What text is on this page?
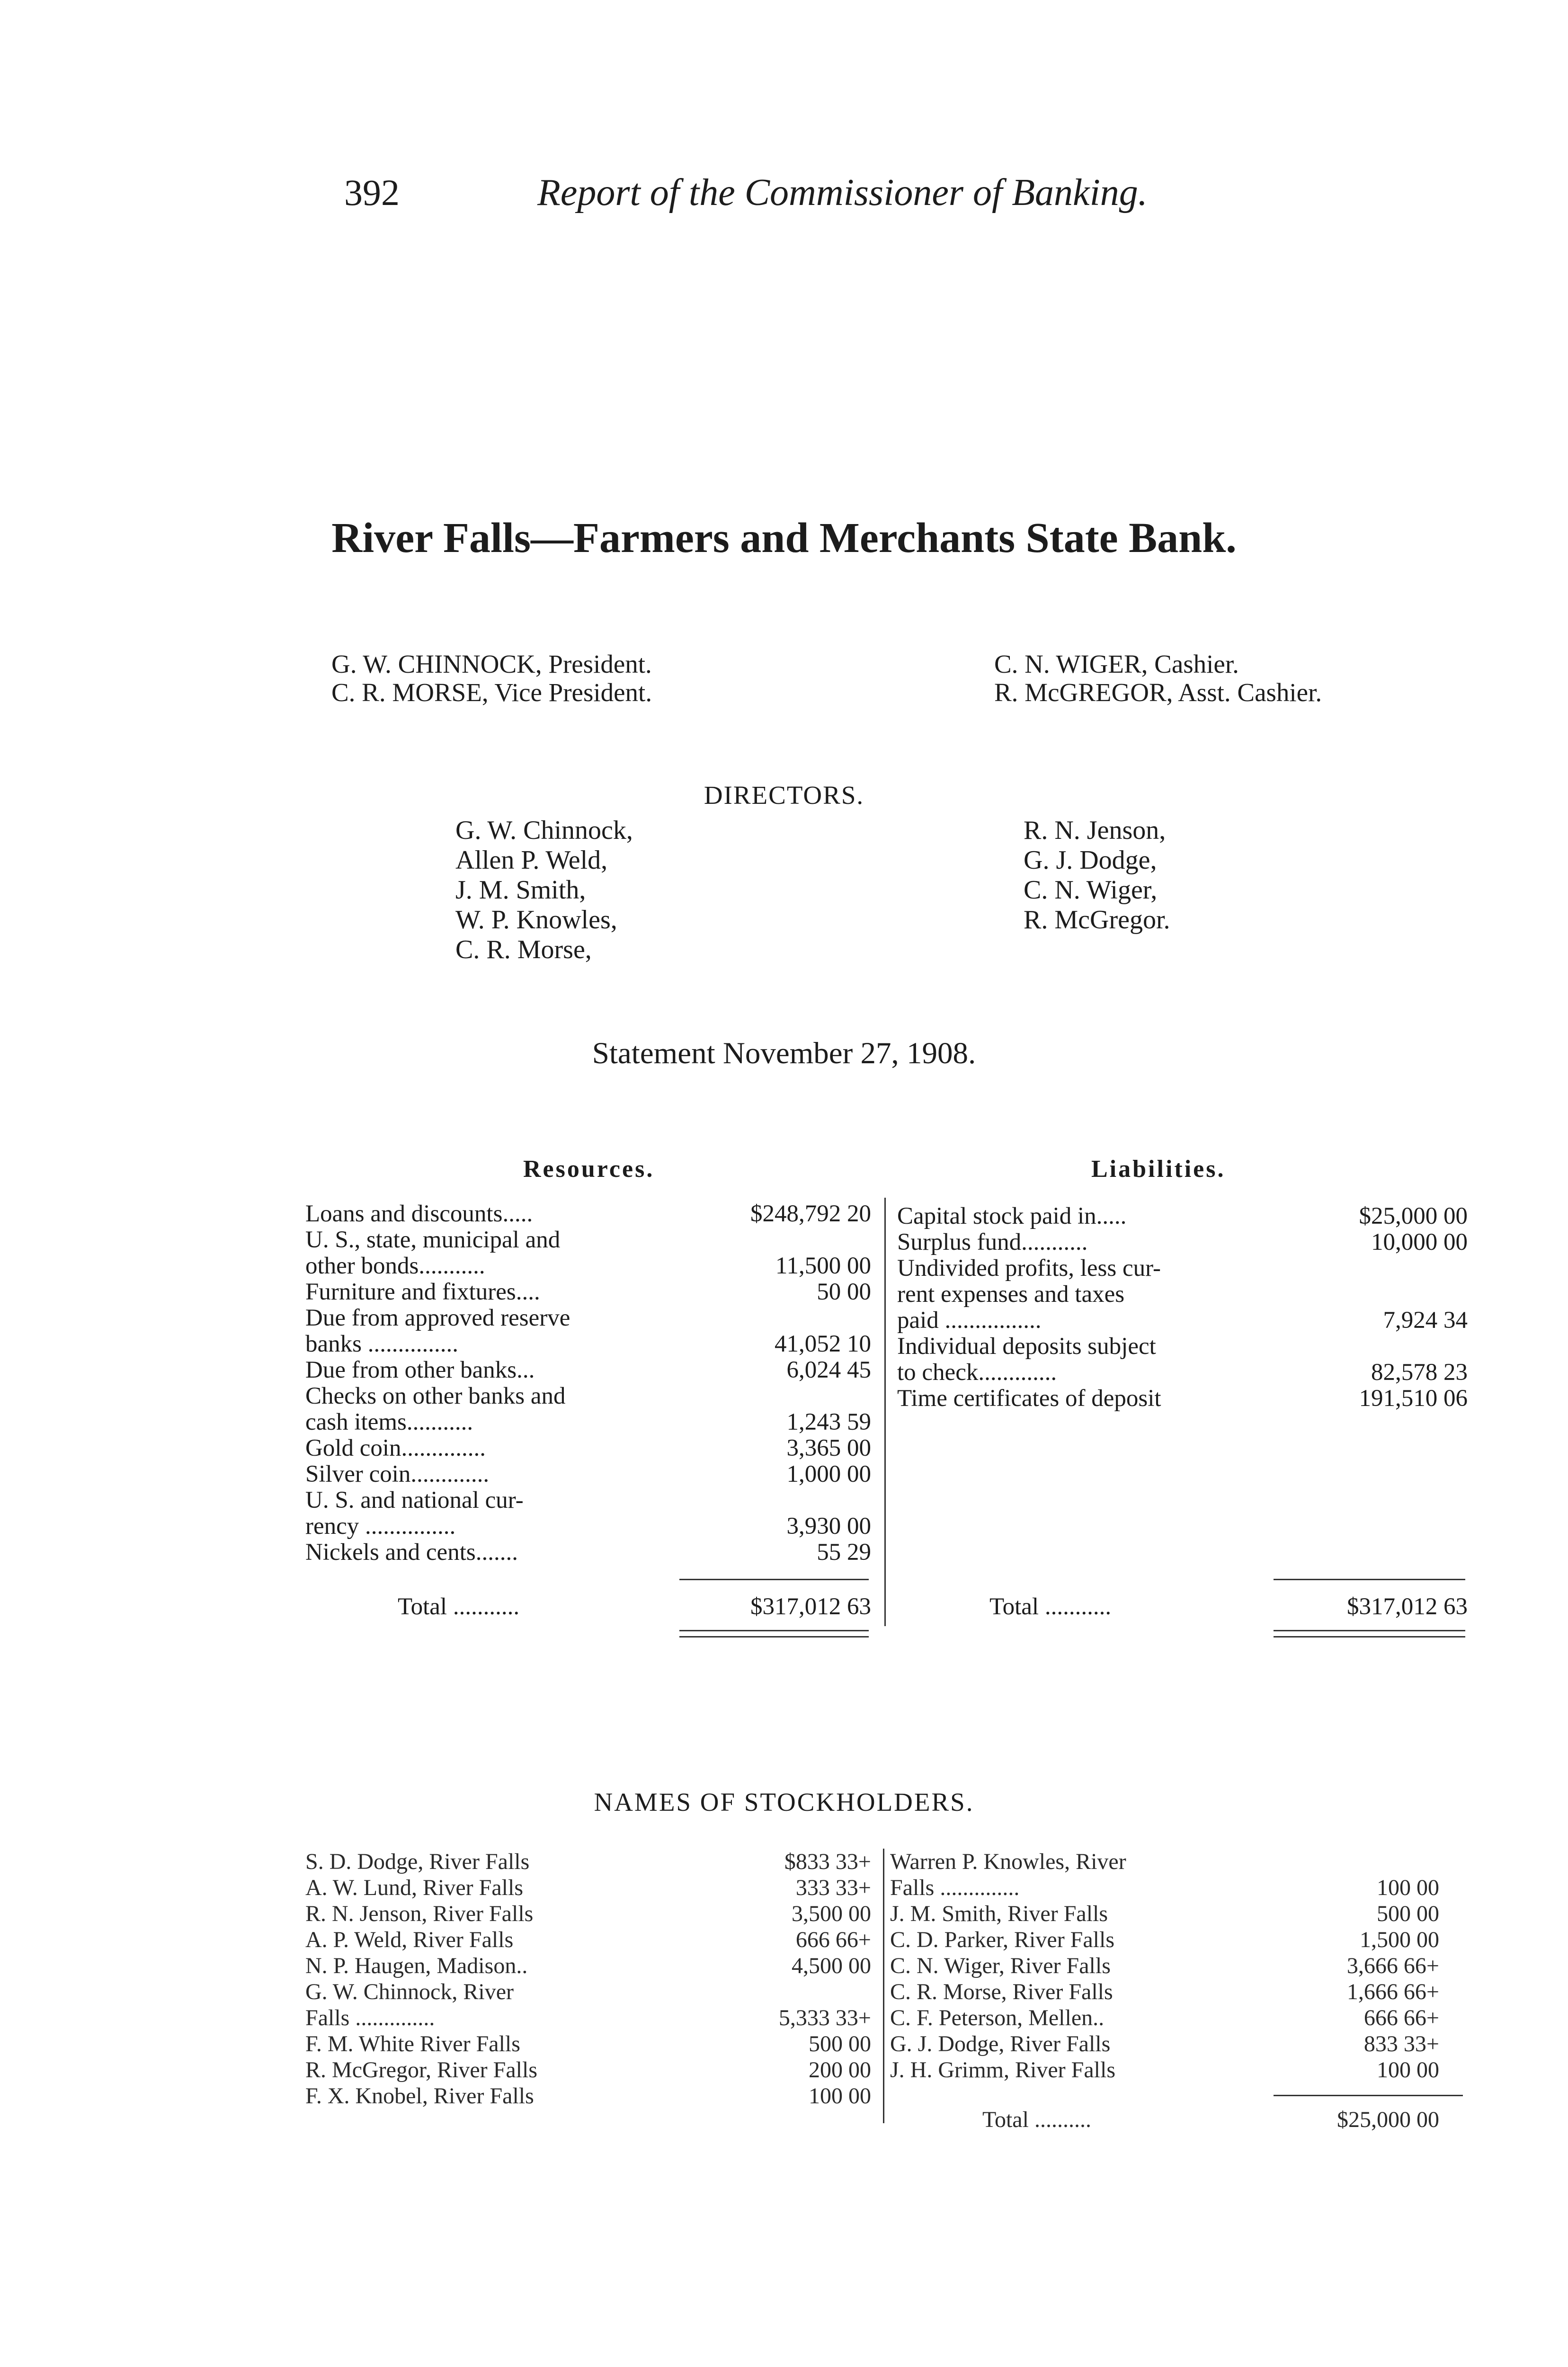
392	Report of the Commissioner of Banking.
River Falls—Farmers and Merchants State Bank.
G. W. CHINNOCK, President.
C. R. MORSE, Vice President.
C. N. WIGER, Cashier.
R. McGREGOR, Asst. Cashier.
DIRECTORS.
G. W. Chinnock,
Allen P. Weld,
J. M. Smith,
W. P. Knowles,
C. R. Morse,
R. N. Jenson,
G. J. Dodge,
C. N. Wiger,
R. McGregor.
Statement November 27, 1908.
Resources.	Liabilities.
Loans and discounts.....	$248,792 20
U. S., state, municipal and
other bonds...........	11,500 00
Furniture and fixtures....	50 00
Due from approved reserve
banks ...............	41,052 10
Due from other banks...	6,024 45
Checks on other banks and
cash items...........	1,243 59
Gold coin..............	3,365 00
Silver coin.............	1,000 00
U. S. and national cur-
rency ...............	3,930 00
Nickels and cents.......	55 29
Total ...........	$317,012 63
Capital stock paid in.....	$25,000 00
Surplus fund...........	10,000 00
Undivided profits, less cur-
rent expenses and taxes
paid ................	7,924 34
Individual deposits subject
to check.............	82,578 23
Time certificates of deposit	191,510 06
Total ...........	$317,012 63
NAMES OF STOCKHOLDERS.
S. D. Dodge, River Falls	$833 33+
A. W. Lund, River Falls	333 33+
R. N. Jenson, River Falls	3,500 00
A. P. Weld, River Falls	666 66+
N. P. Haugen, Madison..	4,500 00
G. W. Chinnock, River
Falls ..............	5,333 33+
F. M. White River Falls	500 00
R. McGregor, River Falls	200 00
F. X. Knobel, River Falls	100 00
Warren P. Knowles, River
Falls ..............	100 00
J. M. Smith, River Falls	500 00
C. D. Parker, River Falls	1,500 00
C. N. Wiger, River Falls	3,666 66+
C. R. Morse, River Falls	1,666 66+
C. F. Peterson, Mellen..	666 66+
G. J. Dodge, River Falls	833 33+
J. H. Grimm, River Falls	100 00
Total ..........	$25,000 00
